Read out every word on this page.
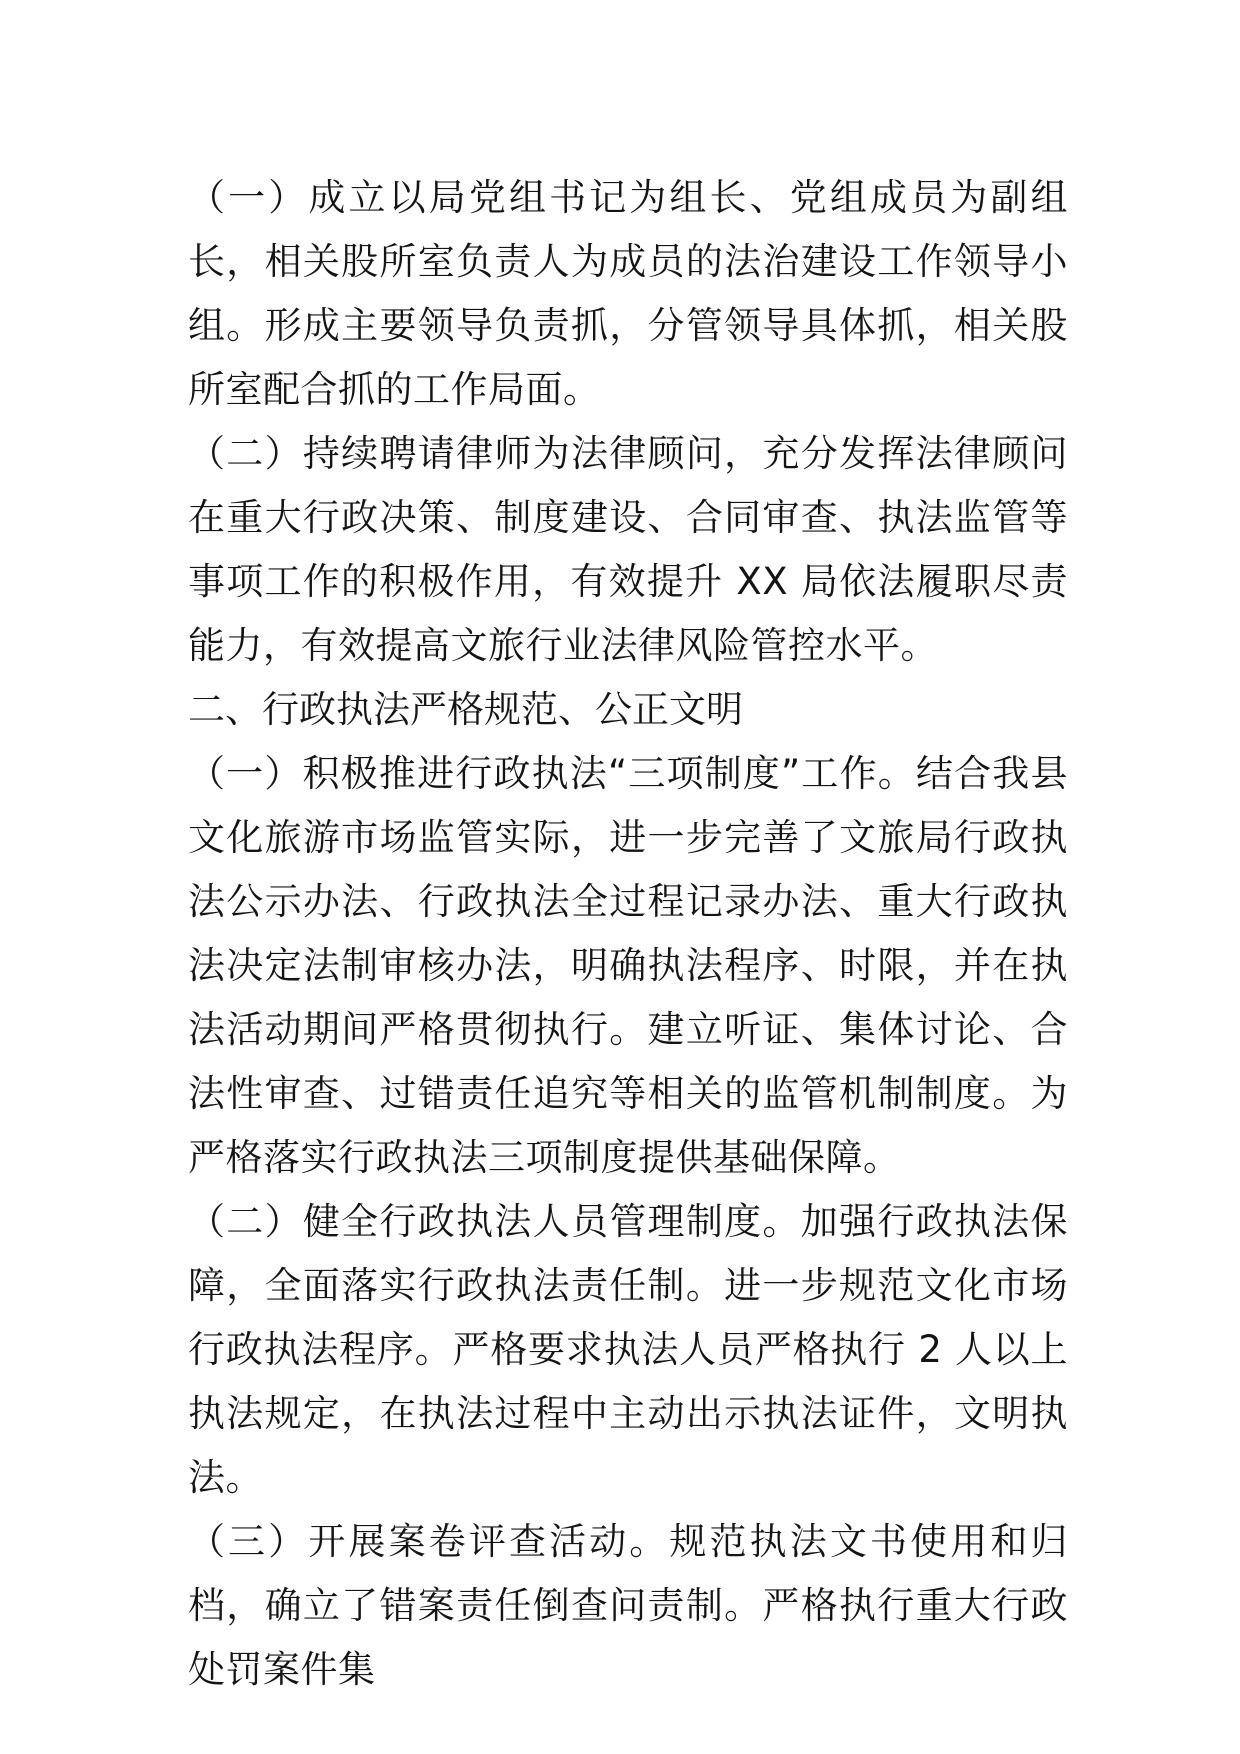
（一）成立以局党组书记为组长、党组成员为副组长，相关股所室负责人为成员的法治建设工作领导小组。形成主要领导负责抓，分管领导具体抓，相关股所室配合抓的工作局面。

（二）持续聘请律师为法律顾问，充分发挥法律顾问在重大行政决策、制度建设、合同审查、执法监管等事项工作的积极作用，有效提升 XX 局依法履职尽责能力，有效提高文旅行业法律风险管控水平。

二、行政执法严格规范、公正文明

（一）积极推进行政执法“三项制度”工作。结合我县文化旅游市场监管实际，进一步完善了文旅局行政执法公示办法、行政执法全过程记录办法、重大行政执法决定法制审核办法，明确执法程序、时限，并在执法活动期间严格贯彻执行。建立听证、集体讨论、合法性审查、过错责任追究等相关的监管机制制度。为严格落实行政执法三项制度提供基础保障。

（二）健全行政执法人员管理制度。加强行政执法保障，全面落实行政执法责任制。进一步规范文化市场行政执法程序。严格要求执法人员严格执行 2 人以上执法规定，在执法过程中主动出示执法证件，文明执法。

（三）开展案卷评查活动。规范执法文书使用和归档，确立了错案责任倒查问责制。严格执行重大行政处罚案件集
